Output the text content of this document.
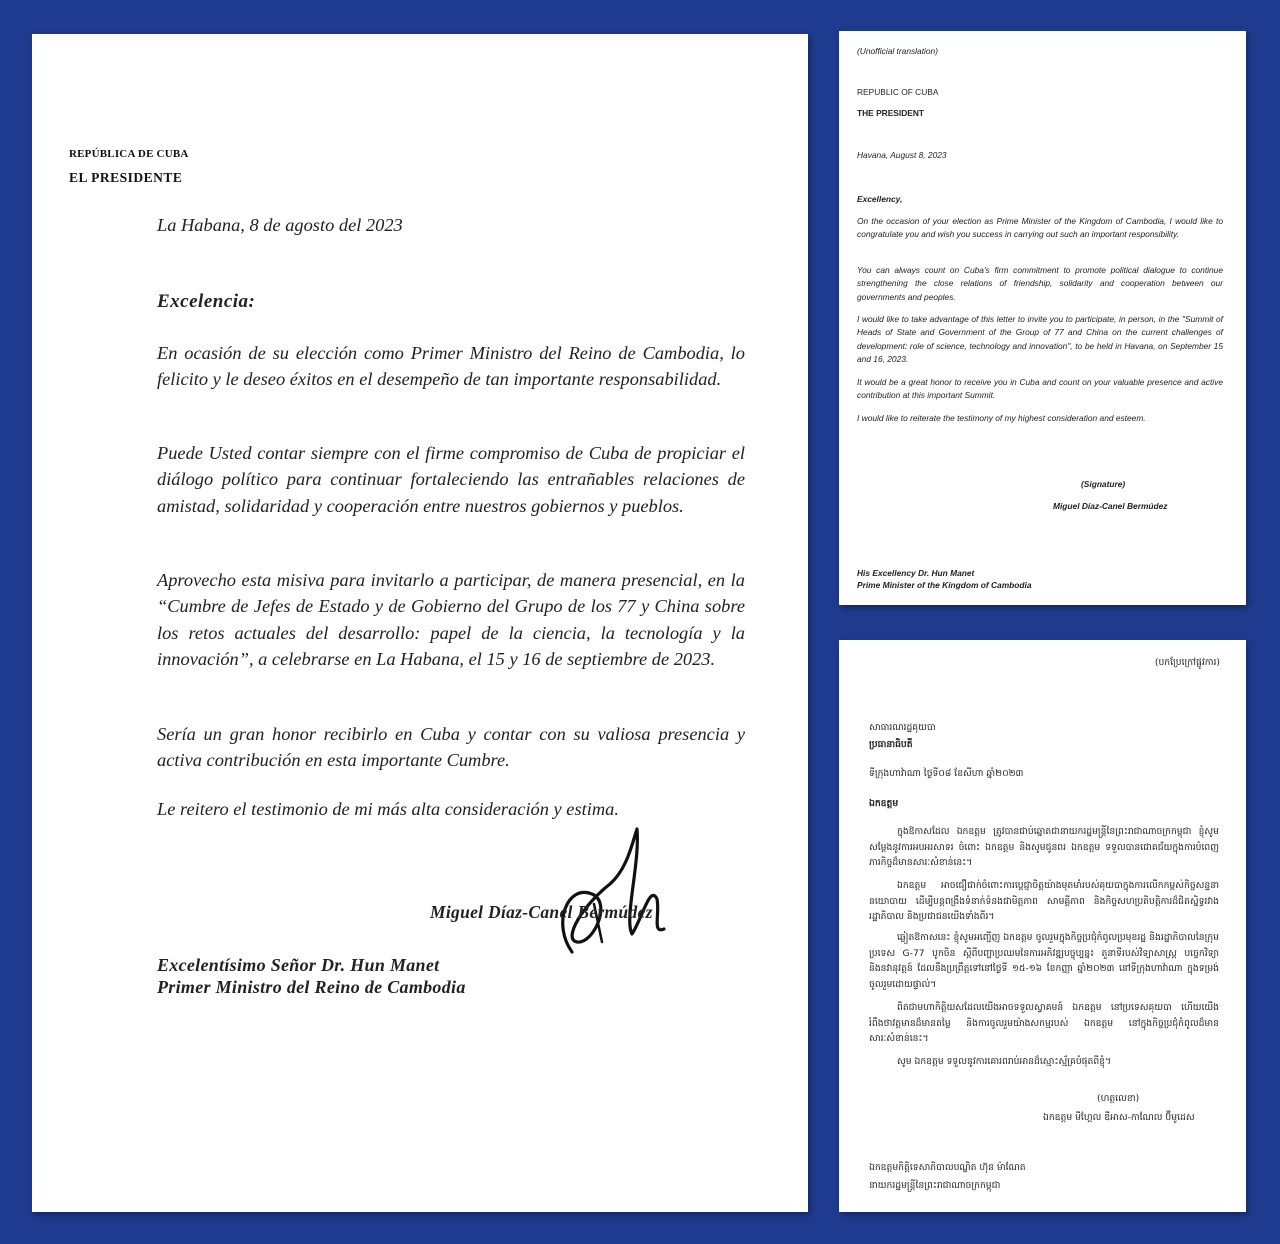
REPÚBLICA DE CUBA
EL PRESIDENTE
La Habana, 8 de agosto del 2023
Excelencia:
En ocasión de su elección como Primer Ministro del Reino de Cambodia, lo felicito y le deseo éxitos en el desempeño de tan importante responsabilidad.
Puede Usted contar siempre con el firme compromiso de Cuba de propiciar el diálogo político para continuar fortaleciendo las entrañables relaciones de amistad, solidaridad y cooperación entre nuestros gobiernos y pueblos.
Aprovecho esta misiva para invitarlo a participar, de manera presencial, en la “Cumbre de Jefes de Estado y de Gobierno del Grupo de los 77 y China sobre los retos actuales del desarrollo: papel de la ciencia, la tecnología y la innovación”, a celebrarse en La Habana, el 15 y 16 de septiembre de 2023.
Sería un gran honor recibirlo en Cuba y contar con su valiosa presencia y activa contribución en esta importante Cumbre.
Le reitero el testimonio de mi más alta consideración y estima.
Miguel Díaz-Canel Bermúdez
Excelentísimo Señor Dr. Hun Manet
Primer Ministro del Reino de Cambodia
(Unofficial translation)
REPUBLIC OF CUBA
THE PRESIDENT
Havana, August 8, 2023
Excellency,
On the occasion of your election as Prime Minister of the Kingdom of Cambodia, I would like to congratulate you and wish you success in carrying out such an important responsibility.
You can always count on Cuba's firm commitment to promote political dialogue to continue strengthening the close relations of friendship, solidarity and cooperation between our governments and peoples.
I would like to take advantage of this letter to invite you to participate, in person, in the "Summit of Heads of State and Government of the Group of 77 and China on the current challenges of development: role of science, technology and innovation", to be held in Havana, on September 15 and 16, 2023.
It would be a great honor to receive you in Cuba and count on your valuable presence and active contribution at this important Summit.
I would like to reiterate the testimony of my highest consideration and esteem.
(Signature)
Miguel Díaz-Canel Bermúdez
His Excellency Dr. Hun Manet
Prime Minister of the Kingdom of Cambodia
(បកប្រែក្រៅផ្លូវការ)
សាធារណរដ្ឋគុយបា
ប្រធានាធិបតី
ទីក្រុងហាវ៉ាណា ថ្ងៃទី០៨ ខែសីហា ឆ្នាំ២០២៣
ឯកឧត្តម
ក្នុងឱកាសដែល ឯកឧត្តម ត្រូវបានជាប់ឆ្នោតជានាយករដ្ឋមន្ត្រីនៃព្រះរាជាណាចក្រកម្ពុជា ខ្ញុំសូមសម្តែងនូវការអបអរសាទរ ចំពោះ ឯកឧត្តម និងសូមជូនពរ ឯកឧត្តម ទទួលបានជោគជ័យក្នុងការបំពេញភារកិច្ចដ៏មានសារៈសំខាន់នេះ។
ឯកឧត្តម អាចជឿជាក់ចំពោះការប្តេជ្ញាចិត្តយ៉ាងមុតមាំរបស់គុយបាក្នុងការលើកកម្ពស់កិច្ចសន្ទនានយោបាយ ដើម្បីបន្តពង្រឹងទំនាក់ទំនងជាមិត្តភាព សាមគ្គីភាព និងកិច្ចសហប្រតិបត្តិការដ៏ជិតស្និទ្ធរវាងរដ្ឋាភិបាល និងប្រជាជនយើងទាំងពីរ។
ឆ្លៀតឱកាសនេះ ខ្ញុំសូមអញ្ជើញ ឯកឧត្តម ចូលរួមក្នុងកិច្ចប្រជុំកំពូលប្រមុខរដ្ឋ និងរដ្ឋាភិបាលនៃក្រុមប្រទេស G-77 បូកចិន ស្តីពីបញ្ហាប្រឈមនៃការអភិវឌ្ឍបច្ចុប្បន្ន៖ តួនាទីរបស់វិទ្យាសាស្ត្រ បច្ចេកវិទ្យា និងនវានុវត្តន៍ ដែលនឹងប្រព្រឹត្តទៅនៅថ្ងៃទី ១៥-១៦ ខែកញ្ញា ឆ្នាំ២០២៣ នៅទីក្រុងហាវ៉ាណា ក្នុងទម្រង់ចូលរួមដោយផ្ទាល់។
ពិតជាមហាកិត្តិយសដែលយើងអាចទទួលស្វាគមន៍ ឯកឧត្តម នៅប្រទេសគុយបា ហើយយើងរំពឹងថាវត្តមានដ៏មានតម្លៃ និងការចូលរួមយ៉ាងសកម្មរបស់ ឯកឧត្តម នៅក្នុងកិច្ចប្រជុំកំពូលដ៏មានសារៈសំខាន់នេះ។
សូម ឯកឧត្តម ទទួលនូវការគោរពរាប់អានដ៏ស្មោះស្ម័គ្របំផុតពីខ្ញុំ។
(ហត្ថលេខា)
ឯកឧត្តម មីហ្គែល ឌីអាស-កាណែល ប៊ឺមូដេស
ឯកឧត្តមកិត្តិទេសាភិបាលបណ្ឌិត ហ៊ុន ម៉ាណែត
នាយករដ្ឋមន្ត្រីនៃព្រះរាជាណាចក្រកម្ពុជា
